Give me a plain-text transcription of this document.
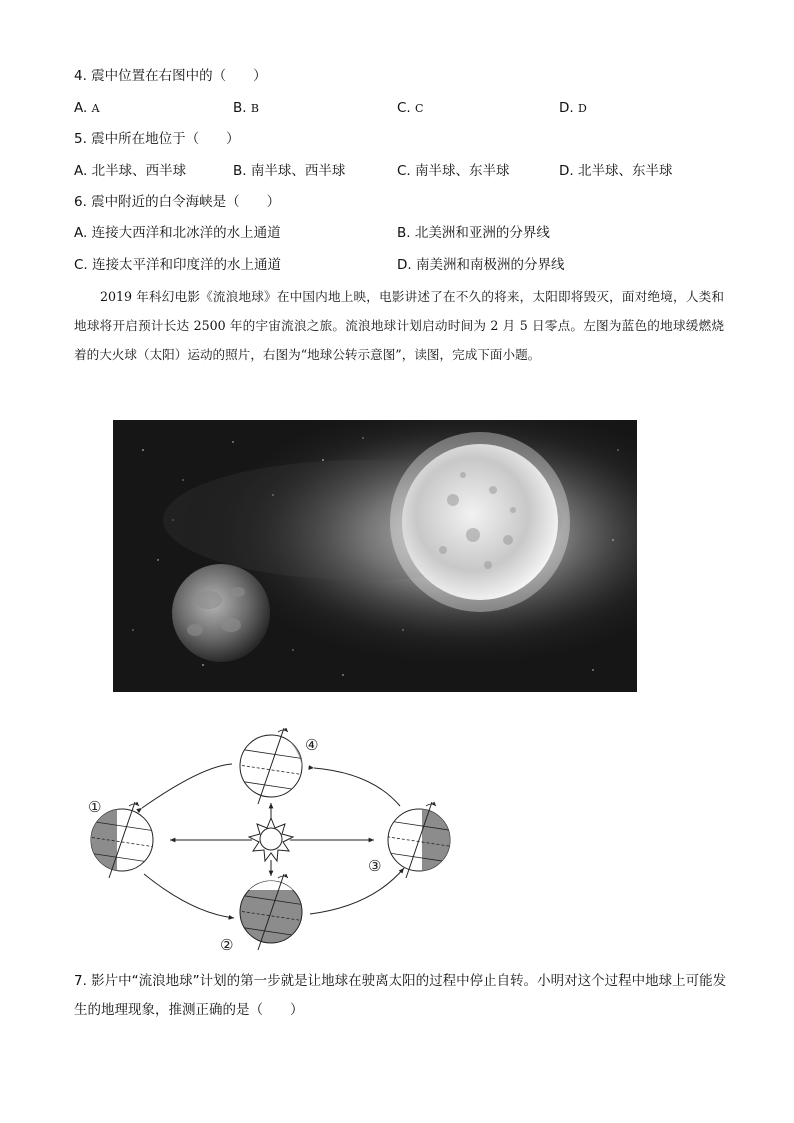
4. 震中位置在右图中的（　　）
A. A	B. B	C. C	D. D
5. 震中所在地位于（　　）
A. 北半球、西半球	B. 南半球、西半球	C. 南半球、东半球	D. 北半球、东半球
6. 震中附近的白令海峡是（　　）
A. 连接大西洋和北冰洋的水上通道	B. 北美洲和亚洲的分界线
C. 连接太平洋和印度洋的水上通道	D. 南美洲和南极洲的分界线

2019 年科幻电影《流浪地球》在中国内地上映，电影讲述了在不久的将来，太阳即将毁灭，面对绝境，人类和地球将开启预计长达 2500 年的宇宙流浪之旅。流浪地球计划启动时间为 2 月 5 日零点。左图为蓝色的地球缓燃烧着的大火球（太阳）运动的照片，右图为“地球公转示意图”，读图，完成下面小题。

①
②
③
④
7. 影片中“流浪地球”计划的第一步就是让地球在驶离太阳的过程中停止自转。小明对这个过程中地球上可能发生的地理现象，推测正确的是（　　）
